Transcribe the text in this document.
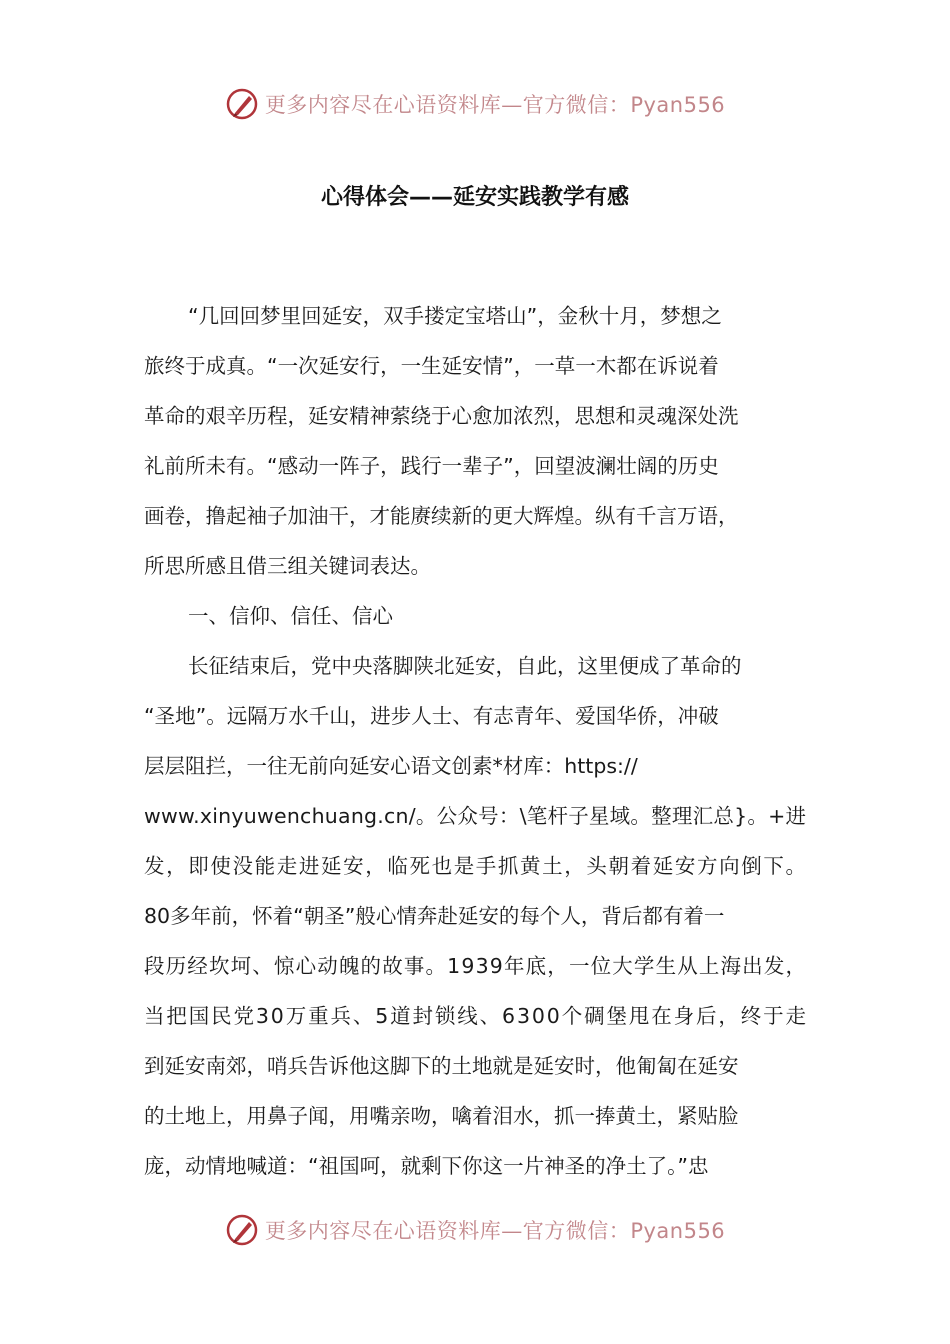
更多内容尽在心语资料库—官方微信：Pyan556
心得体会——延安实践教学有感
“几回回梦里回延安，双手搂定宝塔山”，金秋十月，梦想之
旅终于成真。“一次延安行，一生延安情”，一草一木都在诉说着
革命的艰辛历程，延安精神萦绕于心愈加浓烈，思想和灵魂深处洗
礼前所未有。“感动一阵子，践行一辈子”，回望波澜壮阔的历史
画卷，撸起袖子加油干，才能赓续新的更大辉煌。纵有千言万语，
所思所感且借三组关键词表达。
一、信仰、信任、信心
长征结束后，党中央落脚陕北延安，自此，这里便成了革命的
“圣地”。远隔万水千山，进步人士、有志青年、爱国华侨，冲破
层层阻拦，一往无前向延安心语文创素*材库：https://
www.xinyuwenchuang.cn/。公众号：\笔杆子星域。整理汇总}。+进
发，即使没能走进延安，临死也是手抓黄土，头朝着延安方向倒下。
80多年前，怀着“朝圣”般心情奔赴延安的每个人，背后都有着一
段历经坎坷、惊心动魄的故事。1939年底，一位大学生从上海出发，
当把国民党30万重兵、5道封锁线、6300个碉堡甩在身后，终于走
到延安南郊，哨兵告诉他这脚下的土地就是延安时，他匍匐在延安
的土地上，用鼻子闻，用嘴亲吻，噙着泪水，抓一捧黄土，紧贴脸
庞，动情地喊道：“祖国呵，就剩下你这一片神圣的净土了。”忠
更多内容尽在心语资料库—官方微信：Pyan556
